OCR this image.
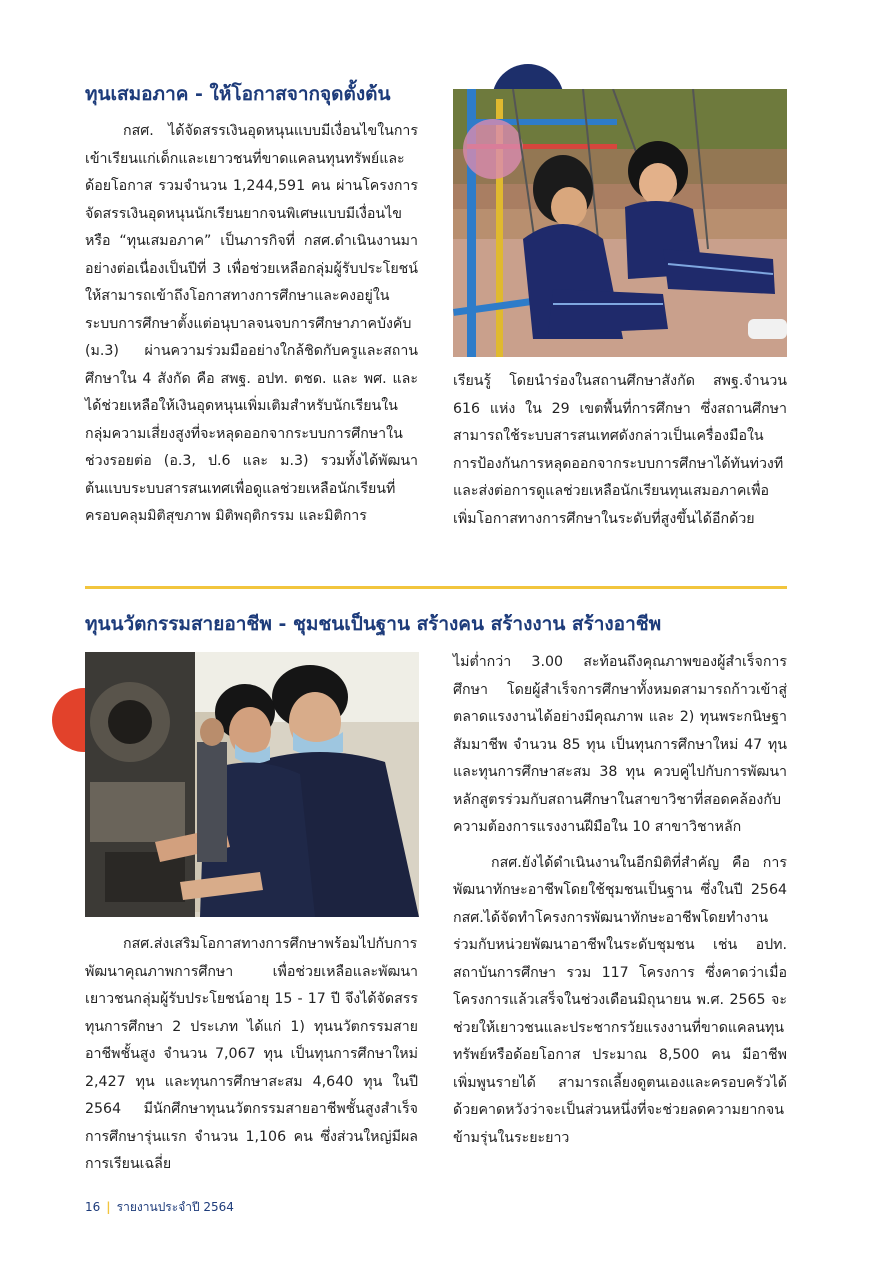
ทุนเสมอภาค - ให้โอกาสจากจุดตั้งต้น

กสศ. ได้จัดสรรเงินอุดหนุนแบบมีเงื่อนไขในการเข้าเรียนแก่เด็กและเยาวชนที่ขาดแคลนทุนทรัพย์และด้อยโอกาส รวมจำนวน 1,244,591 คน ผ่านโครงการจัดสรรเงินอุดหนุนนักเรียนยากจนพิเศษแบบมีเงื่อนไข หรือ “ทุนเสมอภาค” เป็นภารกิจที่ กสศ.ดำเนินงานมาอย่างต่อเนื่องเป็นปีที่ 3 เพื่อช่วยเหลือกลุ่มผู้รับประโยชน์ให้สามารถเข้าถึงโอกาสทางการศึกษาและคงอยู่ในระบบการศึกษาตั้งแต่อนุบาลจนจบการศึกษาภาคบังคับ (ม.3) ผ่านความร่วมมืออย่างใกล้ชิดกับครูและสถานศึกษาใน 4 สังกัด คือ สพฐ. อปท. ตชด. และ พศ. และได้ช่วยเหลือให้เงินอุดหนุนเพิ่มเติมสำหรับนักเรียนในกลุ่มความเสี่ยงสูงที่จะหลุดออกจากระบบการศึกษาในช่วงรอยต่อ (อ.3, ป.6 และ ม.3) รวมทั้งได้พัฒนาต้นแบบระบบสารสนเทศเพื่อดูแลช่วยเหลือนักเรียนที่ครอบคลุมมิติสุขภาพ มิติพฤติกรรม และมิติการ

เรียนรู้ โดยนำร่องในสถานศึกษาสังกัด สพฐ.จำนวน 616 แห่ง ใน 29 เขตพื้นที่การศึกษา ซึ่งสถานศึกษาสามารถใช้ระบบสารสนเทศดังกล่าวเป็นเครื่องมือในการป้องกันการหลุดออกจากระบบการศึกษาได้ทันท่วงที และส่งต่อการดูแลช่วยเหลือนักเรียนทุนเสมอภาคเพื่อเพิ่มโอกาสทางการศึกษาในระดับที่สูงขึ้นได้อีกด้วย

ทุนนวัตกรรมสายอาชีพ - ชุมชนเป็นฐาน สร้างคน สร้างงาน สร้างอาชีพ

กสศ.ส่งเสริมโอกาสทางการศึกษาพร้อมไปกับการพัฒนาคุณภาพการศึกษา เพื่อช่วยเหลือและพัฒนาเยาวชนกลุ่มผู้รับประโยชน์อายุ 15 - 17 ปี จึงได้จัดสรรทุนการศึกษา 2 ประเภท ได้แก่ 1) ทุนนวัตกรรมสายอาชีพชั้นสูง จำนวน 7,067 ทุน เป็นทุนการศึกษาใหม่ 2,427 ทุน และทุนการศึกษาสะสม 4,640 ทุน ในปี 2564 มีนักศึกษาทุนนวัตกรรมสายอาชีพชั้นสูงสำเร็จการศึกษารุ่นแรก จำนวน 1,106 คน ซึ่งส่วนใหญ่มีผลการเรียนเฉลี่ย

ไม่ต่ำกว่า 3.00 สะท้อนถึงคุณภาพของผู้สำเร็จการศึกษา โดยผู้สำเร็จการศึกษาทั้งหมดสามารถก้าวเข้าสู่ตลาดแรงงานได้อย่างมีคุณภาพ และ 2) ทุนพระกนิษฐาสัมมาชีพ จำนวน 85 ทุน เป็นทุนการศึกษาใหม่ 47 ทุน และทุนการศึกษาสะสม 38 ทุน ควบคู่ไปกับการพัฒนาหลักสูตรร่วมกับสถานศึกษาในสาขาวิชาที่สอดคล้องกับความต้องการแรงงานฝีมือใน 10 สาขาวิชาหลัก

กสศ.ยังได้ดำเนินงานในอีกมิติที่สำคัญ คือ การพัฒนาทักษะอาชีพโดยใช้ชุมชนเป็นฐาน ซึ่งในปี 2564 กสศ.ได้จัดทำโครงการพัฒนาทักษะอาชีพโดยทำงานร่วมกับหน่วยพัฒนาอาชีพในระดับชุมชน เช่น อปท. สถาบันการศึกษา รวม 117 โครงการ ซึ่งคาดว่าเมื่อโครงการแล้วเสร็จในช่วงเดือนมิถุนายน พ.ศ. 2565 จะช่วยให้เยาวชนและประชากรวัยแรงงานที่ขาดแคลนทุนทรัพย์หรือด้อยโอกาส ประมาณ 8,500 คน มีอาชีพ เพิ่มพูนรายได้ สามารถเลี้ยงดูตนเองและครอบครัวได้ ด้วยคาดหวังว่าจะเป็นส่วนหนึ่งที่จะช่วยลดความยากจนข้ามรุ่นในระยะยาว

16 | รายงานประจำปี 2564
